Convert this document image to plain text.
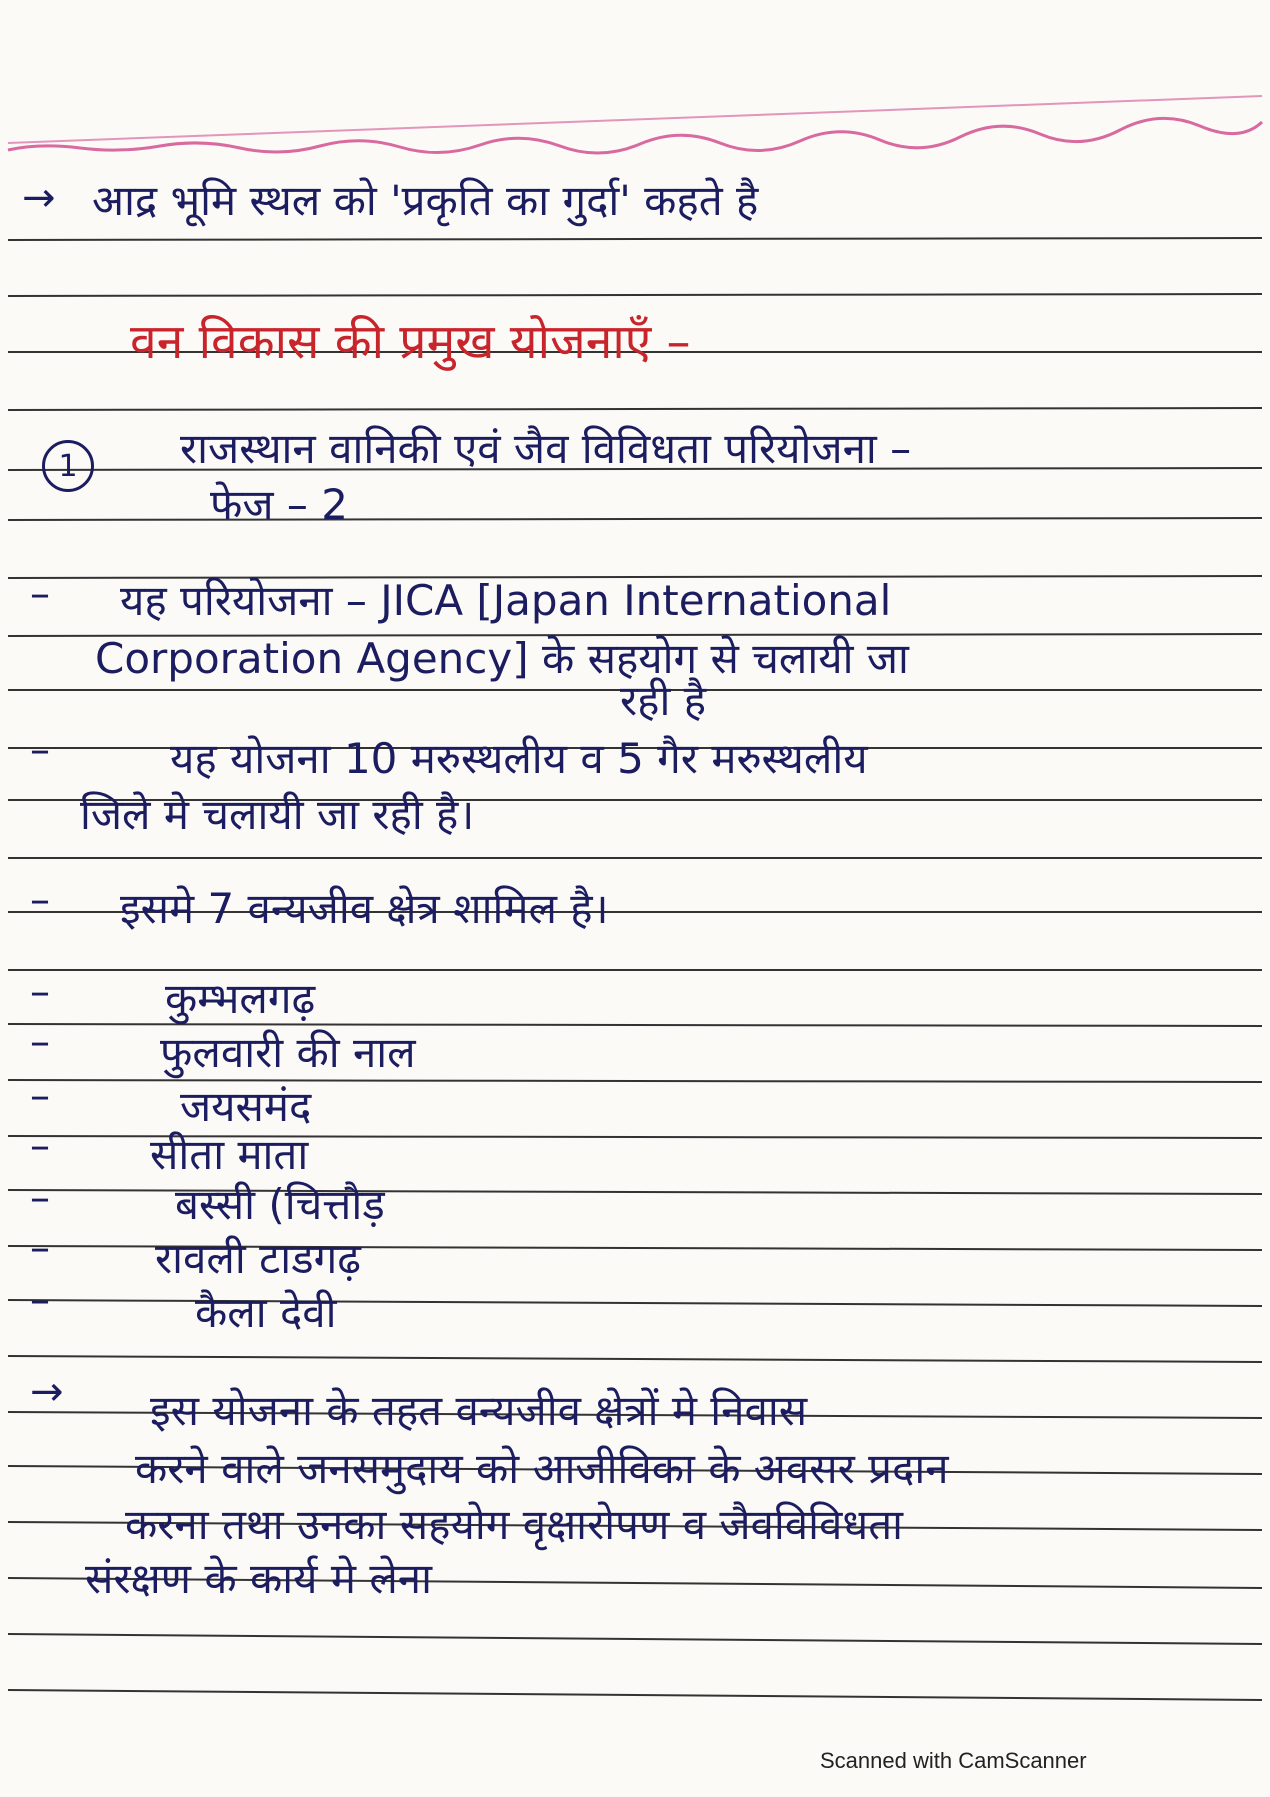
→ आद्र भूमि स्थल को 'प्रकृति का गुर्दा' कहते है
वन विकास की प्रमुख योजनाएँ –
1	राजस्थान वानिकी एवं जैव विविधता परियोजना –
फेज – 2
– यह परियोजना – JICA [Japan International
Corporation Agency] के सहयोग से चलायी जा
रही है
–	यह योजना 10 मरुस्थलीय व 5 गैर मरुस्थलीय
जिले मे चलायी जा रही है।
– इसमे 7 वन्यजीव क्षेत्र शामिल है।
–	कुम्भलगढ़
–	फुलवारी की नाल
–	जयसमंद
– सीता माता
–	बस्सी (चित्तौड़
–	रावली टाडगढ़
–	कैला देवी
→ इस योजना के तहत वन्यजीव क्षेत्रों मे निवास
करने वाले जनसमुदाय को आजीविका के अवसर प्रदान
करना तथा उनका सहयोग वृक्षारोपण व जैवविविधता
संरक्षण के कार्य मे लेना
Scanned with CamScanner
